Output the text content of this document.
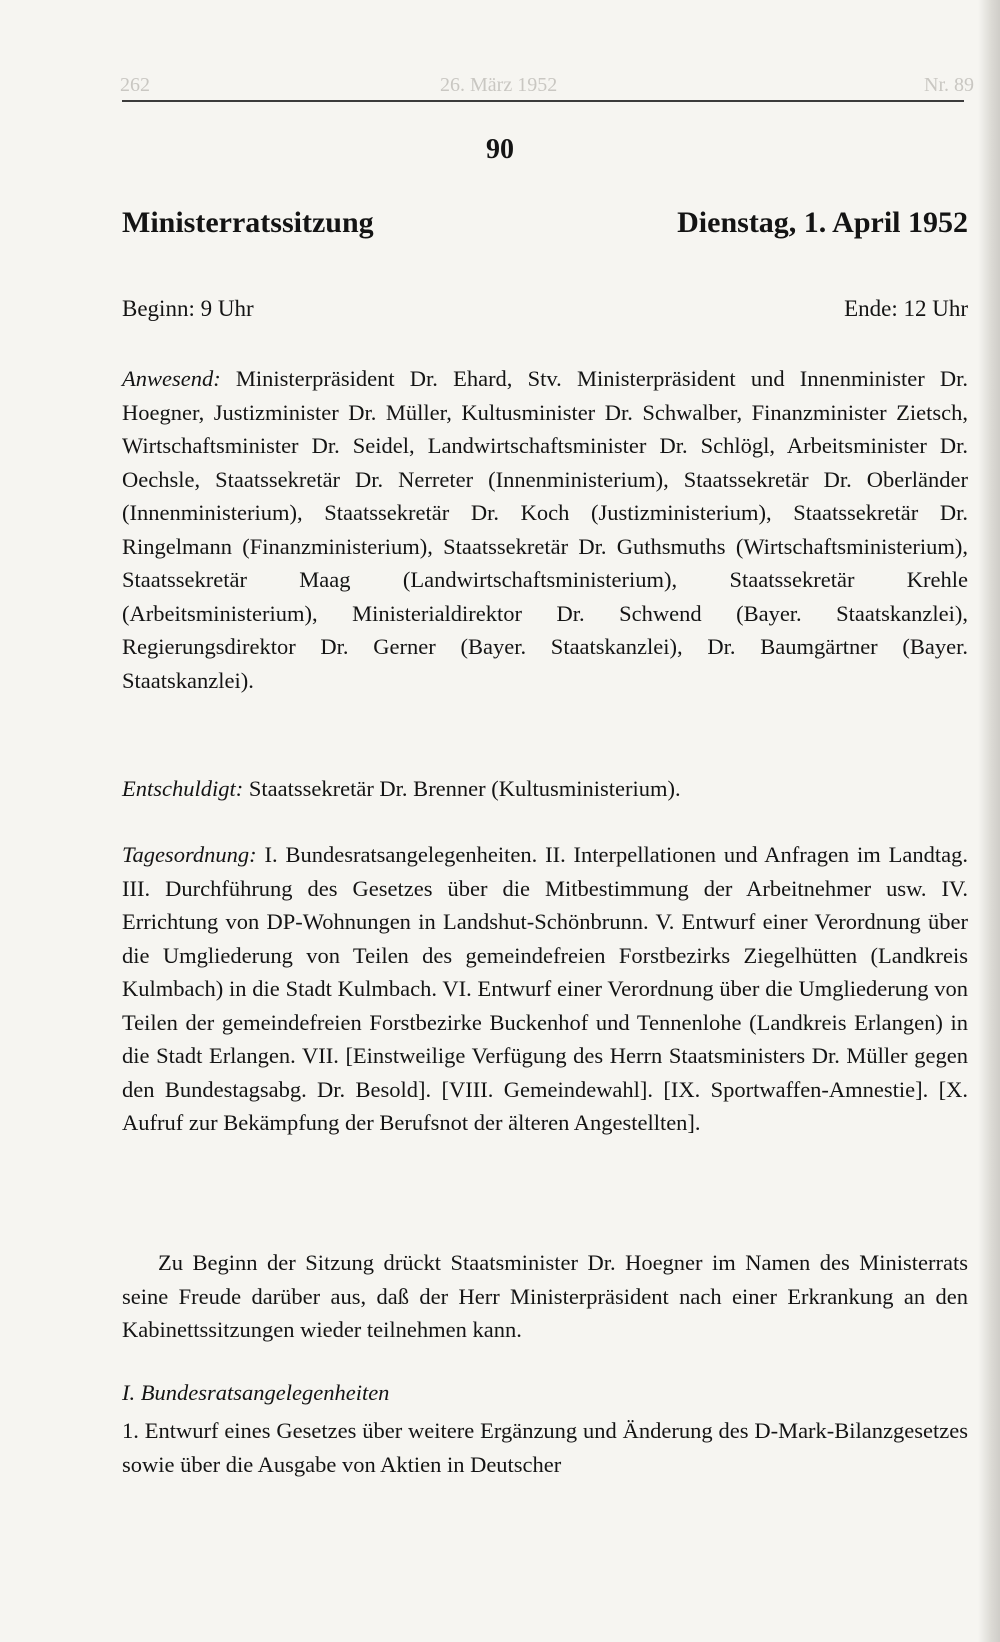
262	26. März 1952	Nr. 89
90
Ministerratssitzung	Dienstag, 1. April 1952
Beginn: 9 Uhr	Ende: 12 Uhr

Anwesend: Ministerpräsident Dr. Ehard, Stv. Ministerpräsident und Innenminister Dr. Hoegner, Justizminister Dr. Müller, Kultusminister Dr. Schwalber, Finanzminister Zietsch, Wirtschaftsminister Dr. Seidel, Landwirtschaftsminister Dr. Schlögl, Arbeitsminister Dr. Oechsle, Staatssekretär Dr. Nerreter (Innenministerium), Staatssekretär Dr. Oberländer (Innenministerium), Staatssekretär Dr. Koch (Justizministerium), Staatssekretär Dr. Ringelmann (Finanzministerium), Staatssekretär Dr. Guthsmuths (Wirtschaftsministerium), Staatssekretär Maag (Landwirtschaftsministerium), Staatssekretär Krehle (Arbeitsministerium), Ministerialdirektor Dr. Schwend (Bayer. Staatskanzlei), Regierungsdirektor Dr. Gerner (Bayer. Staatskanzlei), Dr. Baumgärtner (Bayer. Staatskanzlei).

Entschuldigt: Staatssekretär Dr. Brenner (Kultusministerium).

Tagesordnung: I. Bundesratsangelegenheiten. II. Interpellationen und Anfragen im Landtag. III. Durchführung des Gesetzes über die Mitbestimmung der Arbeitnehmer usw. IV. Errichtung von DP-Wohnungen in Landshut-Schönbrunn. V. Entwurf einer Verordnung über die Umgliederung von Teilen des gemeindefreien Forstbezirks Ziegelhütten (Landkreis Kulmbach) in die Stadt Kulmbach. VI. Entwurf einer Verordnung über die Umgliederung von Teilen der gemeindefreien Forstbezirke Buckenhof und Tennenlohe (Landkreis Erlangen) in die Stadt Erlangen. VII. [Einstweilige Verfügung des Herrn Staatsministers Dr. Müller gegen den Bundestagsabg. Dr. Besold]. [VIII. Gemeindewahl]. [IX. Sportwaffen-Amnestie]. [X. Aufruf zur Bekämpfung der Berufsnot der älteren Angestellten].

Zu Beginn der Sitzung drückt Staatsminister Dr. Hoegner im Namen des Ministerrats seine Freude darüber aus, daß der Herr Ministerpräsident nach einer Erkrankung an den Kabinettssitzungen wieder teilnehmen kann.

I. Bundesratsangelegenheiten

1. Entwurf eines Gesetzes über weitere Ergänzung und Änderung des D-Mark-Bilanzgesetzes sowie über die Ausgabe von Aktien in Deutscher
